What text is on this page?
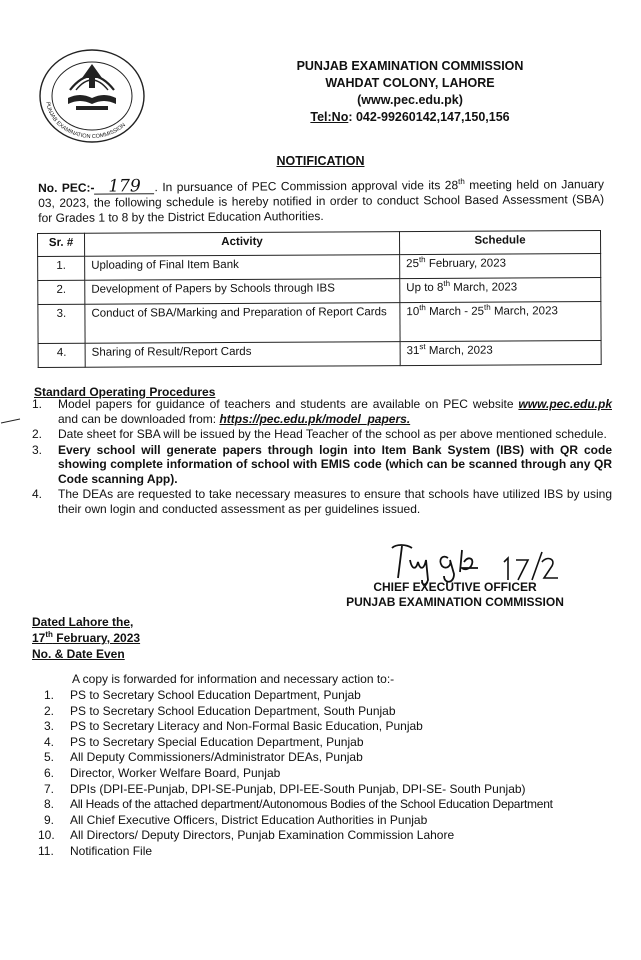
PUNJAB EXAMINATION COMMISSION
PUNJAB EXAMINATION COMMISSION
WAHDAT COLONY, LAHORE
(www.pec.edu.pk)
Tel:No: 042-99260142,147,150,156
NOTIFICATION
No. PEC:- 179 . In pursuance of PEC Commission approval vide its 28th meeting held on January 03, 2023, the following schedule is hereby notified in order to conduct School Based Assessment (SBA) for Grades 1 to 8 by the District Education Authorities.
Sr. #	Activity	Schedule
1.	Uploading of Final Item Bank	25th February, 2023
2.	Development of Papers by Schools through IBS	Up to 8th March, 2023
3.	Conduct of SBA/Marking and Preparation of Report Cards	10th March - 25th March, 2023
4.	Sharing of Result/Report Cards	31st March, 2023
Standard Operating Procedures
1.	Model papers for guidance of teachers and students are available on PEC website www.pec.edu.pk and can be downloaded from: https://pec.edu.pk/model_papers.
2.	Date sheet for SBA will be issued by the Head Teacher of the school as per above mentioned schedule.
3.	Every school will generate papers through login into Item Bank System (IBS) with QR code showing complete information of school with EMIS code (which can be scanned through any QR Code scanning App).
4.	The DEAs are requested to take necessary measures to ensure that schools have utilized IBS by using their own login and conducted assessment as per guidelines issued.
CHIEF EXECUTIVE OFFICER
PUNJAB EXAMINATION COMMISSION
Dated Lahore the,
17th February, 2023
No. & Date Even
A copy is forwarded for information and necessary action to:-
1.	PS to Secretary School Education Department, Punjab
2.	PS to Secretary School Education Department, South Punjab
3.	PS to Secretary Literacy and Non-Formal Basic Education, Punjab
4.	PS to Secretary Special Education Department, Punjab
5.	All Deputy Commissioners/Administrator DEAs, Punjab
6.	Director, Worker Welfare Board, Punjab
7.	DPIs (DPI-EE-Punjab, DPI-SE-Punjab, DPI-EE-South Punjab, DPI-SE- South Punjab)
8.	All Heads of the attached department/Autonomous Bodies of the School Education Department
9.	All Chief Executive Officers, District Education Authorities in Punjab
10.	All Directors/ Deputy Directors, Punjab Examination Commission Lahore
11.	Notification File
